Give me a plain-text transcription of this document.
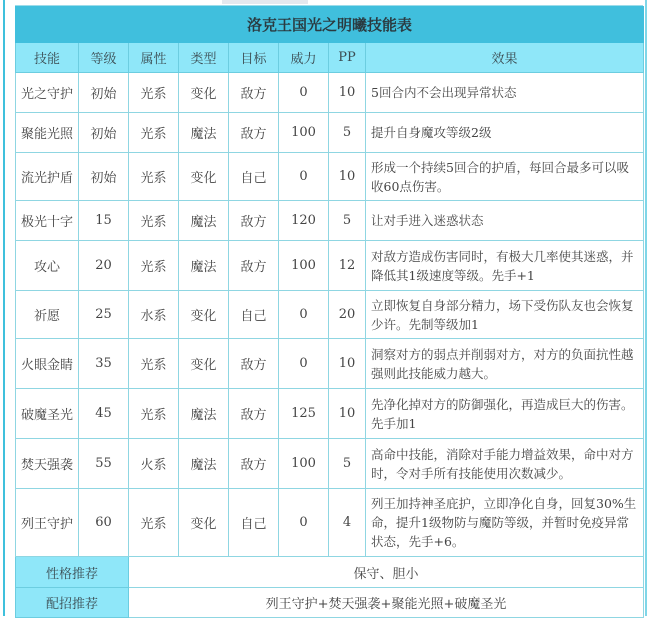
洛克王国光之明曦技能表							
技能	等级	属性	类型	目标	威力	PP	效果
光之守护	初始	光系	变化	敌方	0	10	5回合内不会出现异常状态
聚能光照	初始	光系	魔法	敌方	100	5	提升自身魔攻等级2级
流光护盾	初始	光系	变化	自己	0	10	形成一个持续5回合的护盾，每回合最多可以吸收60点伤害。
极光十字	15	光系	魔法	敌方	120	5	让对手进入迷惑状态
攻心	20	光系	魔法	敌方	100	12	对敌方造成伤害同时，有极大几率使其迷惑，并降低其1级速度等级。先手+1
祈愿	25	水系	变化	自己	0	20	立即恢复自身部分精力，场下受伤队友也会恢复少许。先制等级加1
火眼金睛	35	光系	变化	敌方	0	10	洞察对方的弱点并削弱对方，对方的负面抗性越强则此技能威力越大。
破魔圣光	45	光系	魔法	敌方	125	10	先净化掉对方的防御强化，再造成巨大的伤害。先手加1
焚天强袭	55	火系	魔法	敌方	100	5	高命中技能，消除对手能力增益效果，命中对方时，令对手所有技能使用次数减少。
列王守护	60	光系	变化	自己	0	4	列王加持神圣庇护，立即净化自身，回复30%生命，提升1级物防与魔防等级，并暂时免疫异常状态，先手+6。
性格推荐		保守、胆小					
配招推荐		列王守护+焚天强袭+聚能光照+破魔圣光					
